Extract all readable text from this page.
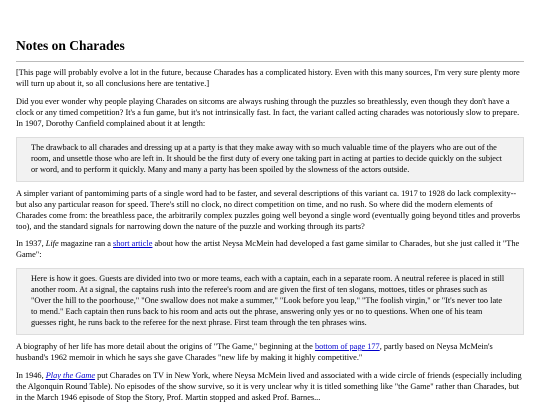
Notes on Charades

[This page will probably evolve a lot in the future, because Charades has a complicated history. Even with this many sources, I'm very sure plenty more will turn up about it, so all conclusions here are tentative.]

Did you ever wonder why people playing Charades on sitcoms are always rushing through the puzzles so breathlessly, even though they don't have a clock or any timed competition? It's a fun game, but it's not intrinsically fast. In fact, the variant called acting charades was notoriously slow to prepare. In 1907, Dorothy Canfield complained about it at length:

The drawback to all charades and dressing up at a party is that they make away with so much valuable time of the players who are out of the room, and unsettle those who are left in. It should be the first duty of every one taking part in acting at parties to decide quickly on the subject or word, and to perform it quickly. Many and many a party has been spoiled by the slowness of the actors outside.

A simpler variant of pantomiming parts of a single word had to be faster, and several descriptions of this variant ca. 1917 to 1928 do lack complexity--but also any particular reason for speed. There's still no clock, no direct competition on time, and no rush. So where did the modern elements of Charades come from: the breathless pace, the arbitrarily complex puzzles going well beyond a single word (eventually going beyond titles and proverbs too), and the standard signals for narrowing down the nature of the puzzle and working through its parts?

In 1937, Life magazine ran a short article about how the artist Neysa McMein had developed a fast game similar to Charades, but she just called it "The Game":

Here is how it goes. Guests are divided into two or more teams, each with a captain, each in a separate room. A neutral referee is placed in still another room. At a signal, the captains rush into the referee's room and are given the first of ten slogans, mottoes, titles or phrases such as "Over the hill to the poorhouse," "One swallow does not make a summer," "Look before you leap," "The foolish virgin," or "It's never too late to mend." Each captain then runs back to his room and acts out the phrase, answering only yes or no to questions. When one of his team guesses right, he runs back to the referee for the next phrase. First team through the ten phrases wins.

A biography of her life has more detail about the origins of "The Game," beginning at the bottom of page 177, partly based on Neysa McMein's husband's 1962 memoir in which he says she gave Charades "new life by making it highly competitive."

In 1946, Play the Game put Charades on TV in New York, where Neysa McMein lived and associated with a wide circle of friends (especially including the Algonquin Round Table). No episodes of the show survive, so it is very unclear why it is titled something like "the Game" rather than Charades, but in the March 1946 episode of Stop the Story, Prof. Martin stopped and asked Prof. Barnes...
